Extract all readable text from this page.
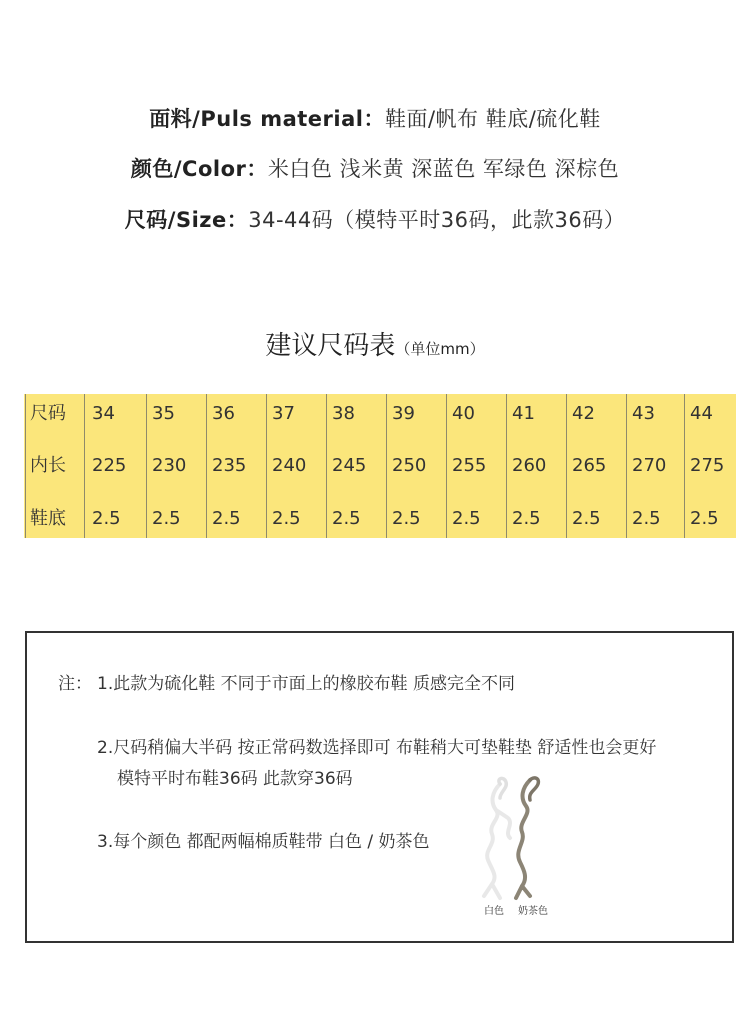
面料/Puls material：鞋面/帆布 鞋底/硫化鞋
颜色/Color：米白色 浅米黄 深蓝色 军绿色 深棕色
尺码/Size：34-44码（模特平时36码，此款36码）
建议尺码表（单位mm）
尺码	34	35	36	37	38	39	40	41	42	43	44
内长	225	230	235	240	245	250	255	260	265	270	275
鞋底	2.5	2.5	2.5	2.5	2.5	2.5	2.5	2.5	2.5	2.5	2.5
注： 1.此款为硫化鞋 不同于市面上的橡胶布鞋 质感完全不同
2.尺码稍偏大半码 按正常码数选择即可 布鞋稍大可垫鞋垫 舒适性也会更好
模特平时布鞋36码 此款穿36码
3.每个颜色 都配两幅棉质鞋带 白色 / 奶茶色
白色 奶茶色
